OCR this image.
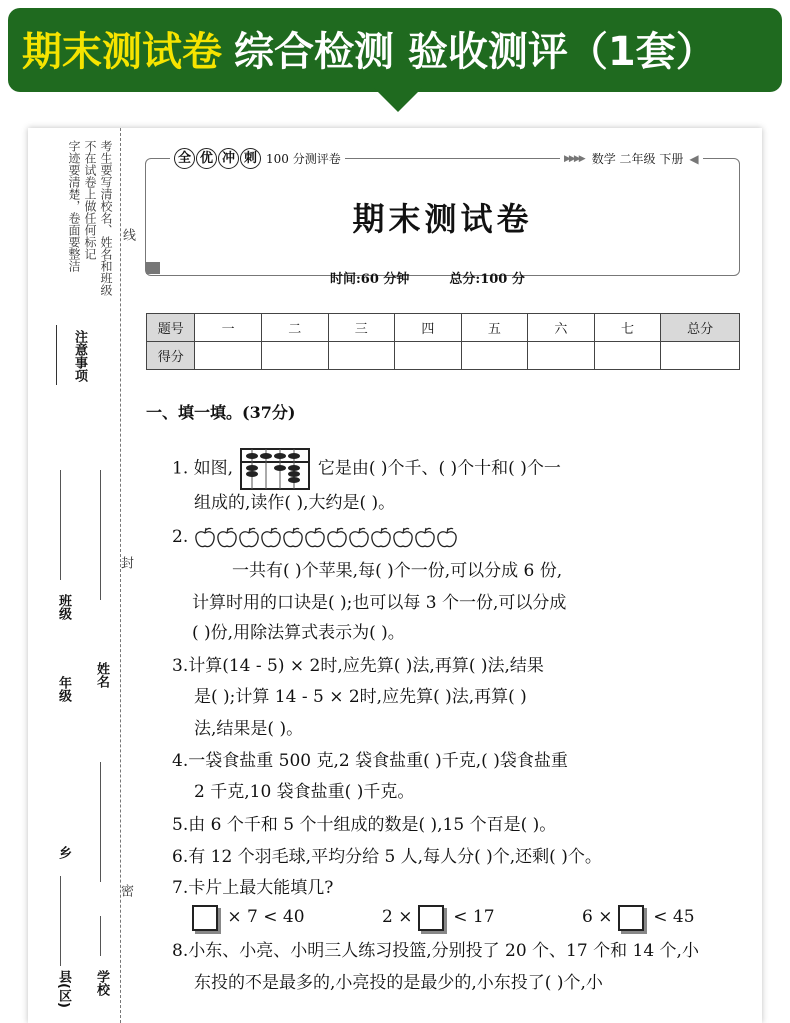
期末测试卷 综合检测 验收测评（1套）
考生要写清校名、姓名和班级
不在试卷上做任何标记
字迹要清楚，卷面要整洁
注意事项
线
封
密
班级
年级
姓名
乡
县(区) 学校
全 优 冲 刺 100 分测评卷	▶▶▶▶ 数学 二年级 下册 ◀
期末测试卷
时间:60 分钟	总分:100 分
题号	一	二	三	四	五	六	七	总分
得分								
一、填一填。(37分)
1. 如图,	它是由( )个千、( )个十和( )个一
组成的,读作( ),大约是( )。
2.
一共有( )个苹果,每( )个一份,可以分成 6 份,
计算时用的口诀是( );也可以每 3 个一份,可以分成
( )份,用除法算式表示为( )。
3.计算(14 - 5) × 2时,应先算( )法,再算( )法,结果
是( );计算 14 - 5 × 2时,应先算( )法,再算( )
法,结果是( )。
4.一袋食盐重 500 克,2 袋食盐重( )千克,( )袋食盐重
2 千克,10 袋食盐重( )千克。
5.由 6 个千和 5 个十组成的数是( ),15 个百是( )。
6.有 12 个羽毛球,平均分给 5 人,每人分( )个,还剩( )个。
7.卡片上最大能填几?
× 7 < 40	2 × < 17	6 × < 45
8.小东、小亮、小明三人练习投篮,分别投了 20 个、17 个和 14 个,小
东投的不是最多的,小亮投的是最少的,小东投了( )个,小
